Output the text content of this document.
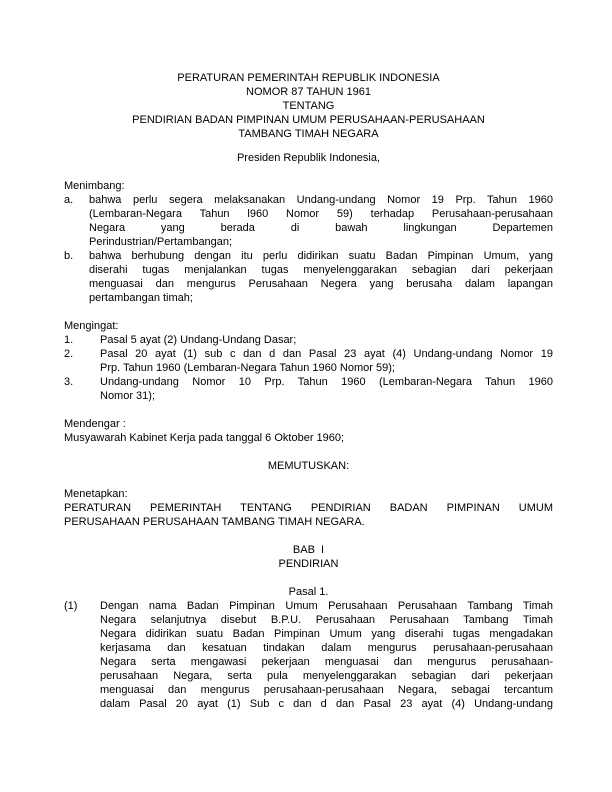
PERATURAN PEMERINTAH REPUBLIK INDONESIA
NOMOR 87 TAHUN 1961
TENTANG
PENDIRIAN BADAN PIMPINAN UMUM PERUSAHAAN-PERUSAHAAN
TAMBANG TIMAH NEGARA
Presiden Republik Indonesia,
Menimbang:
a.	bahwa perlu segera melaksanakan Undang-undang Nomor 19 Prp. Tahun 1960
(Lembaran-Negara Tahun l960 Nomor 59) terhadap Perusahaan-perusahaan
Negara yang berada di bawah lingkungan Departemen
Perindustrian/Pertambangan;
b.	bahwa berhubung dengan itu perlu didirikan suatu Badan Pimpinan Umum, yang
diserahi tugas menjalankan tugas menyelenggarakan sebagian dari pekerjaan
menguasai dan mengurus Perusahaan Negera yang berusaha dalam lapangan
pertambangan timah;
Mengingat:
1.	Pasal 5 ayat (2) Undang-Undang Dasar;
2.	Pasal 20 ayat (1) sub c dan d dan Pasal 23 ayat (4) Undang-undang Nomor 19
Prp. Tahun 1960 (Lembaran-Negara Tahun 1960 Nomor 59);
3.	Undang-undang Nomor 10 Prp. Tahun 1960 (Lembaran-Negara Tahun 1960
Nomor 31);
Mendengar :
Musyawarah Kabinet Kerja pada tanggal 6 Oktober 1960;
MEMUTUSKAN:
Menetapkan:
PERATURAN PEMERINTAH TENTANG PENDIRIAN BADAN PIMPINAN UMUM
PERUSAHAAN PERUSAHAAN TAMBANG TIMAH NEGARA.
BAB  I
PENDIRIAN
Pasal 1.
(1)	Dengan nama Badan Pimpinan Umum Perusahaan Perusahaan Tambang Timah
Negara selanjutnya disebut B.P.U. Perusahaan Perusahaan Tambang Timah
Negara didirikan suatu Badan Pimpinan Umum yang diserahi tugas mengadakan
kerjasama dan kesatuan tindakan dalam mengurus perusahaan-perusahaan
Negara serta mengawasi pekerjaan menguasai dan mengurus perusahaan-
perusahaan Negara, serta pula menyelenggarakan sebagian dari pekerjaan
menguasai dan mengurus perusahaan-perusahaan Negara, sebagai tercantum
dalam Pasal 20 ayat (1) Sub c dan d dan Pasal 23 ayat (4) Undang-undang
